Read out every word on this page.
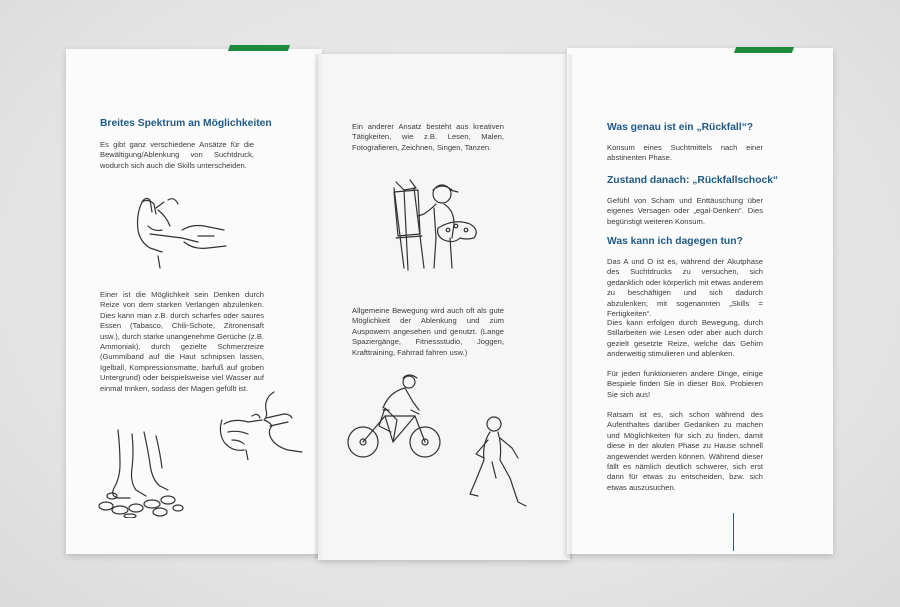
Breites Spektrum an Möglichkeiten
Es gibt ganz verschiedene Ansätze für die Bewältigung/Ablenkung von Suchtdruck, wodurch sich auch die Skills unterscheiden.
Einer ist die Möglichkeit sein Denken durch Reize von dem starken Verlangen abzulenken. Dies kann man z.B. durch scharfes oder saures Essen (Tabasco, Chili-Schote, Zitronensaft usw.), durch starke unangenehme Gerüche (z.B. Ammoniak), durch gezielte Schmerzreize (Gummiband auf die Haut schnipsen lassen, Igelball, Kompressionsmatte, barfuß auf groben Untergrund) oder beispielsweise viel Wasser auf einmal trinken, sodass der Magen gefüllt ist.
Ein anderer Ansatz besteht aus kreativen Tätigkeiten, wie z.B. Lesen, Malen, Fotografieren, Zeichnen, Singen, Tanzen.
Allgemeine Bewegung wird auch oft als gute Möglichkeit der Ablenkung und zum Auspowern angesehen und genutzt. (Lange Spaziergänge, Fitnessstudio, Joggen, Krafttraining, Fahrrad fahren usw.)
Was genau ist ein „Rückfall“?
Konsum eines Suchtmittels nach einer abstinenten Phase.
Zustand danach: „Rückfallschock“
Gefühl von Scham und Enttäuschung über eigenes Versagen oder „egal-Denken“. Dies begünstigt weiteren Konsum.
Was kann ich dagegen tun?
Das A und O ist es, während der Akutphase des Suchtdrucks zu versuchen, sich gedanklich oder körperlich mit etwas anderem zu beschäftigen und sich dadurch abzulenken; mit sogenannten „Skills = Fertigkeiten“.
Dies kann erfolgen durch Bewegung, durch Stillarbeiten wie Lesen oder aber auch durch gezielt gesetzte Reize, welche das Gehirn anderweitig stimulieren und ablenken.
Für jeden funktionieren andere Dinge, einige Bespiele finden Sie in dieser Box. Probieren Sie sich aus!
Ratsam ist es, sich schon während des Aufenthaltes darüber Gedanken zu machen und Möglichkeiten für sich zu finden, damit diese in der akuten Phase zu Hause schnell angewendet werden können. Während dieser fällt es nämlich deutlich schwerer, sich erst dann für etwas zu entscheiden, bzw. sich etwas auszusuchen.
